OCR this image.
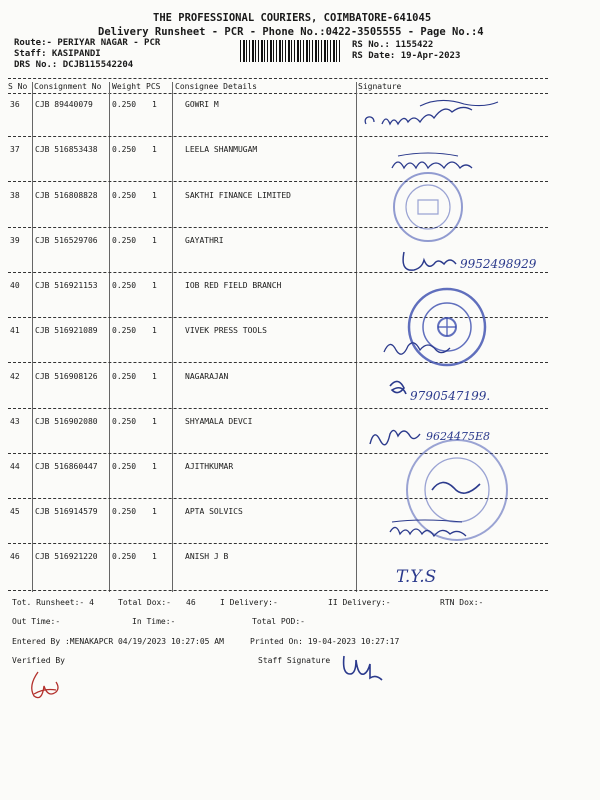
THE PROFESSIONAL COURIERS, COIMBATORE-641045
Delivery Runsheet - PCR - Phone No.:0422-3505555 - Page No.:4
Route:- PERIYAR NAGAR - PCR
Staff: KASIPANDI
DRS No.: DCJB115542204
RS No.: 1155422
RS Date: 19-Apr-2023
S No Consignment No Weight PCS Consignee Details	Signature
36 CJB 89440079 0.250 1	GOWRI M
37 CJB 516853438 0.250 1	LEELA SHANMUGAM
38 CJB 516808828 0.250 1	SAKTHI FINANCE LIMITED
39 CJB 516529706 0.250 1	GAYATHRI
40 CJB 516921153 0.250 1	IOB RED FIELD BRANCH
41 CJB 516921089 0.250 1	VIVEK PRESS TOOLS
42 CJB 516908126 0.250 1	NAGARAJAN
43 CJB 516902080 0.250 1	SHYAMALA DEVCI
44 CJB 516860447 0.250 1	AJITHKUMAR
45 CJB 516914579 0.250 1	APTA SOLVICS
46 CJB 516921220 0.250 1	ANISH J B
9952498929
9790547199.
9624475E8
T.Y.S
Tot. Runsheet:- 4	Total Dox:- 46	I Delivery:-	II Delivery:-	RTN Dox:-
Out Time:-	In Time:-	Total POD:-
Entered By :MENAKAPCR 04/19/2023 10:27:05 AM	Printed On: 19-04-2023 10:27:17
Verified By	Staff Signature
